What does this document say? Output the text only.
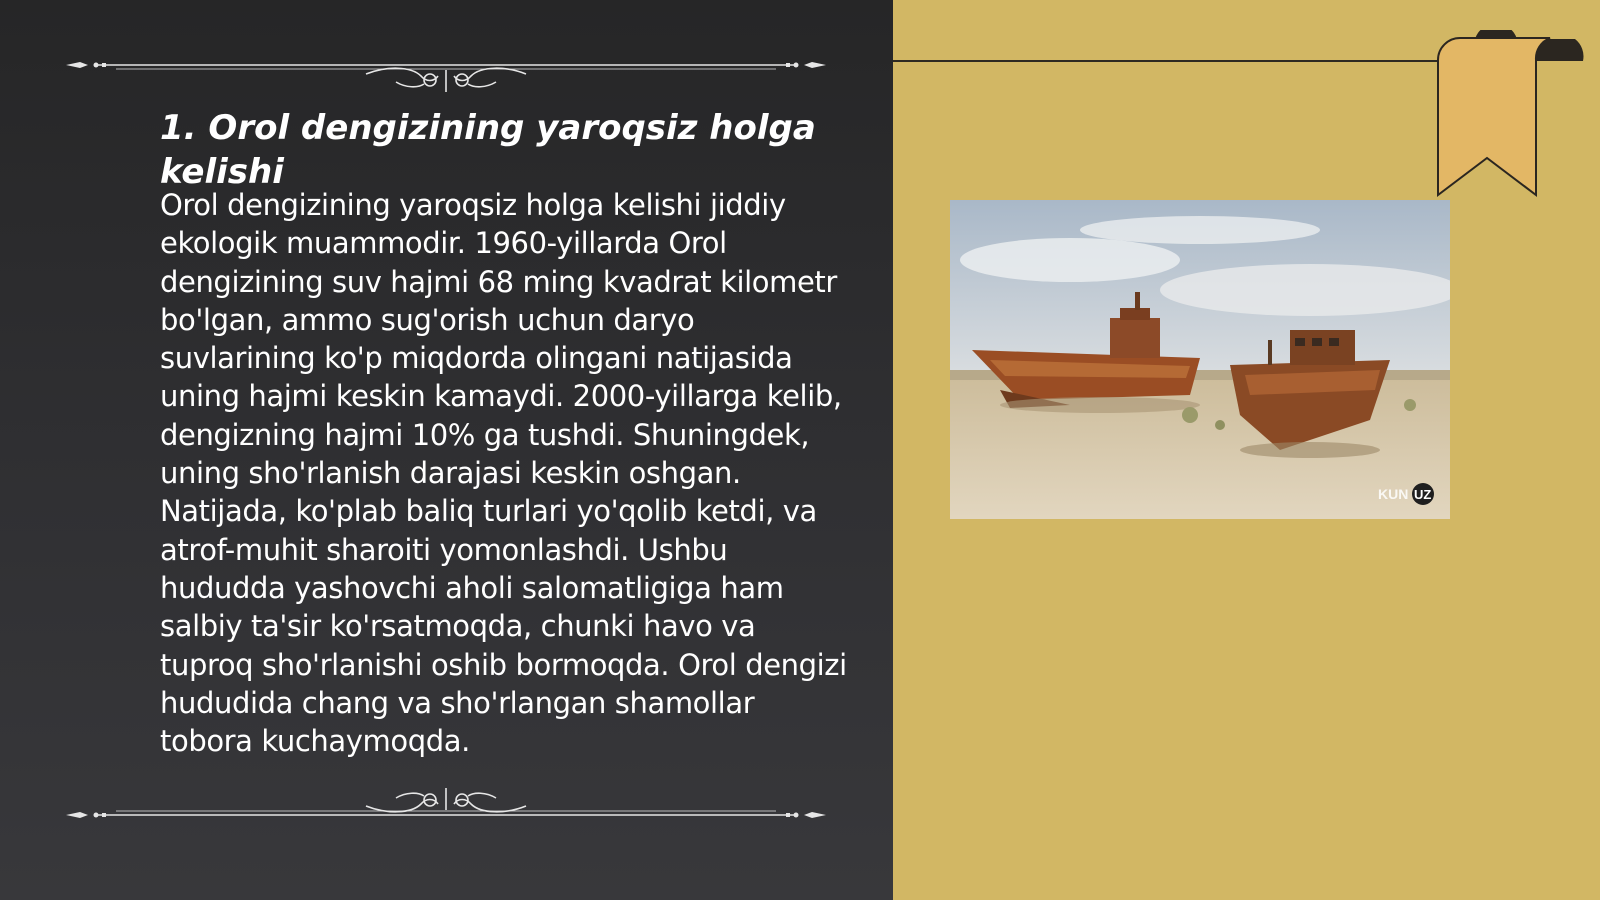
1. Orol dengizining yaroqsiz holga kelishi

Orol dengizining yaroqsiz holga kelishi jiddiy ekologik muammodir. 1960-yillarda Orol dengizining suv hajmi 68 ming kvadrat kilometr bo'lgan, ammo sug'orish uchun daryo suvlarining ko'p miqdorda olingani natijasida uning hajmi keskin kamaydi. 2000-yillarga kelib, dengizning hajmi 10% ga tushdi. Shuningdek, uning sho'rlanish darajasi keskin oshgan. Natijada, ko'plab baliq turlari yo'qolib ketdi, va atrof-muhit sharoiti yomonlashdi. Ushbu hududda yashovchi aholi salomatligiga ham salbiy ta'sir ko'rsatmoqda, chunki havo va tuproq sho'rlanishi oshib bormoqda. Orol dengizi hududida chang va sho'rlangan shamollar tobora kuchaymoqda.

KUN UZ
